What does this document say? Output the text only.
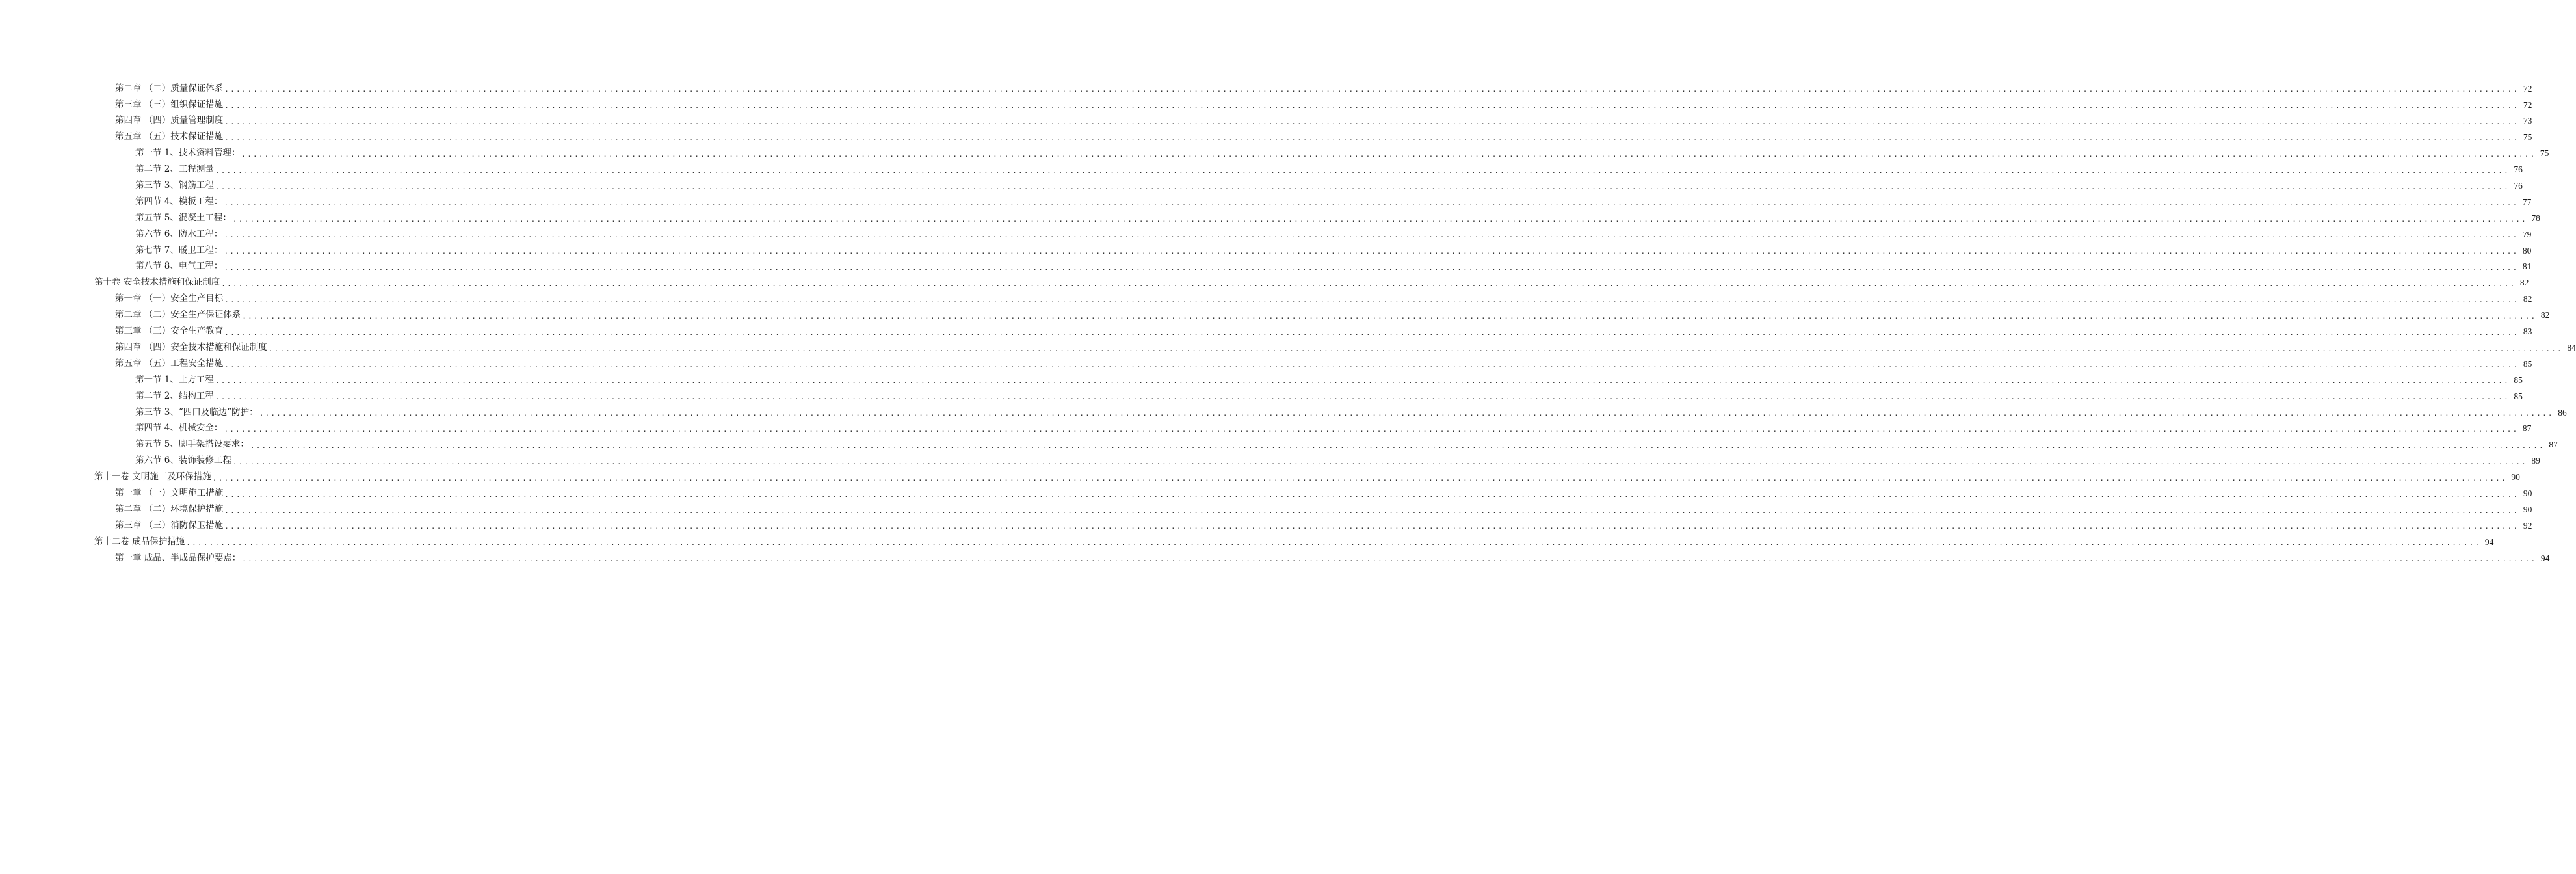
第二章 （二）质量保证体系 ................................................................................................................................................................................................................................................................................................................................................................................................................ 72
第三章 （三）组织保证措施 ................................................................................................................................................................................................................................................................................................................................................................................................................ 72
第四章 （四）质量管理制度 ................................................................................................................................................................................................................................................................................................................................................................................................................ 73
第五章 （五）技术保证措施 ................................................................................................................................................................................................................................................................................................................................................................................................................ 75
第一节 1、技术资料管理： ................................................................................................................................................................................................................................................................................................................................................................................................................ 75
第二节 2、工程测量 ................................................................................................................................................................................................................................................................................................................................................................................................................ 76
第三节 3、钢筋工程 ................................................................................................................................................................................................................................................................................................................................................................................................................ 76
第四节 4、模板工程： ................................................................................................................................................................................................................................................................................................................................................................................................................ 77
第五节 5、混凝土工程： ................................................................................................................................................................................................................................................................................................................................................................................................................ 78
第六节 6、防水工程： ................................................................................................................................................................................................................................................................................................................................................................................................................ 79
第七节 7、暖卫工程： ................................................................................................................................................................................................................................................................................................................................................................................................................ 80
第八节 8、电气工程： ................................................................................................................................................................................................................................................................................................................................................................................................................ 81
第十卷 安全技术措施和保证制度 ................................................................................................................................................................................................................................................................................................................................................................................................................ 82
第一章 （一）安全生产目标 ................................................................................................................................................................................................................................................................................................................................................................................................................ 82
第二章 （二）安全生产保证体系 ................................................................................................................................................................................................................................................................................................................................................................................................................ 82
第三章 （三）安全生产教育 ................................................................................................................................................................................................................................................................................................................................................................................................................ 83
第四章 （四）安全技术措施和保证制度 ................................................................................................................................................................................................................................................................................................................................................................................................................ 84
第五章 （五）工程安全措施 ................................................................................................................................................................................................................................................................................................................................................................................................................ 85
第一节 1、土方工程 ................................................................................................................................................................................................................................................................................................................................................................................................................ 85
第二节 2、结构工程 ................................................................................................................................................................................................................................................................................................................................................................................................................ 85
第三节 3、“四口及临边”防护： ................................................................................................................................................................................................................................................................................................................................................................................................................ 86
第四节 4、机械安全： ................................................................................................................................................................................................................................................................................................................................................................................................................ 87
第五节 5、脚手架搭设要求： ................................................................................................................................................................................................................................................................................................................................................................................................................ 87
第六节 6、装饰装修工程 ................................................................................................................................................................................................................................................................................................................................................................................................................ 89
第十一卷 文明施工及环保措施 ................................................................................................................................................................................................................................................................................................................................................................................................................ 90
第一章 （一）文明施工措施 ................................................................................................................................................................................................................................................................................................................................................................................................................ 90
第二章 （二）环境保护措施 ................................................................................................................................................................................................................................................................................................................................................................................................................ 90
第三章 （三）消防保卫措施 ................................................................................................................................................................................................................................................................................................................................................................................................................ 92
第十二卷 成品保护措施 ................................................................................................................................................................................................................................................................................................................................................................................................................ 94
第一章 成品、半成品保护要点： ................................................................................................................................................................................................................................................................................................................................................................................................................ 94
